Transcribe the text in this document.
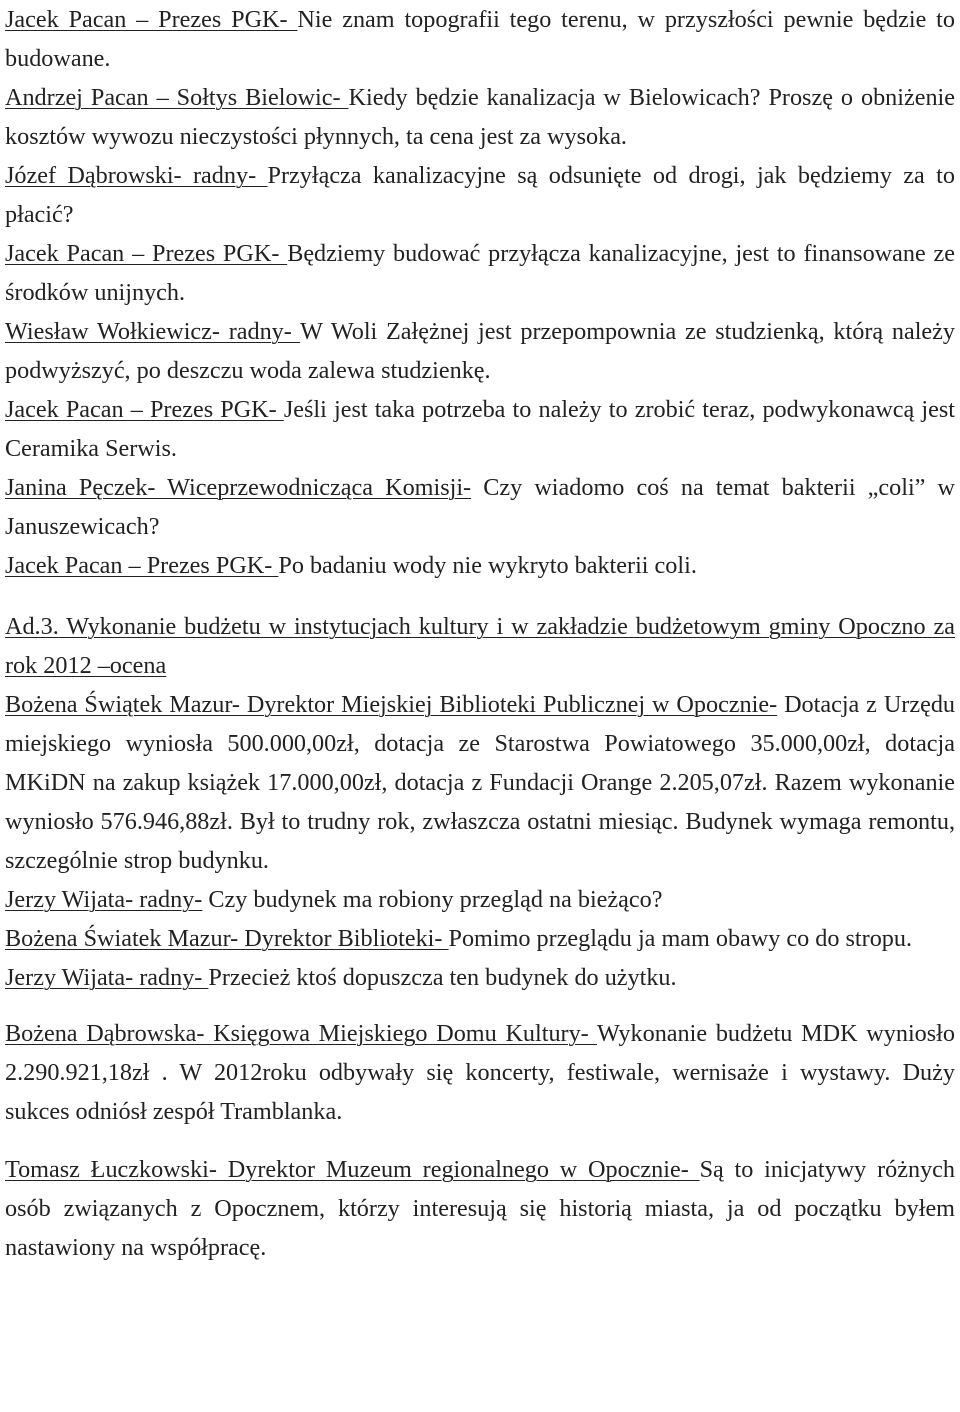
Jacek Pacan – Prezes PGK- Nie znam topografii tego terenu, w przyszłości pewnie będzie to budowane.

Andrzej Pacan – Sołtys Bielowic- Kiedy będzie kanalizacja w Bielowicach? Proszę o obniżenie kosztów wywozu nieczystości płynnych, ta cena jest za wysoka.

Józef Dąbrowski- radny- Przyłącza kanalizacyjne są odsunięte od drogi, jak będziemy za to płacić?

Jacek Pacan – Prezes PGK- Będziemy budować przyłącza kanalizacyjne, jest to finansowane ze środków unijnych.

Wiesław Wołkiewicz- radny- W Woli Załężnej jest przepompownia ze studzienką, którą należy podwyższyć, po deszczu woda zalewa studzienkę.

Jacek Pacan – Prezes PGK- Jeśli jest taka potrzeba to należy to zrobić teraz, podwykonawcą jest Ceramika Serwis.

Janina Pęczek- Wiceprzewodnicząca Komisji- Czy wiadomo coś na temat bakterii „coli” w Januszewicach?

Jacek Pacan – Prezes PGK- Po badaniu wody nie wykryto bakterii coli.

Ad.3. Wykonanie budżetu w instytucjach kultury i w zakładzie budżetowym gminy Opoczno za rok 2012 –ocena

Bożena Świątek Mazur- Dyrektor Miejskiej Biblioteki Publicznej w Opocznie- Dotacja z Urzędu miejskiego wyniosła 500.000,00zł, dotacja ze Starostwa Powiatowego 35.000,00zł, dotacja MKiDN na zakup książek 17.000,00zł, dotacja z Fundacji Orange 2.205,07zł. Razem wykonanie wyniosło 576.946,88zł. Był to trudny rok, zwłaszcza ostatni miesiąc. Budynek wymaga remontu, szczególnie strop budynku.

Jerzy Wijata- radny- Czy budynek ma robiony przegląd na bieżąco?

Bożena Światek Mazur- Dyrektor Biblioteki- Pomimo przeglądu ja mam obawy co do stropu.

Jerzy Wijata- radny- Przecież ktoś dopuszcza ten budynek do użytku.

Bożena Dąbrowska- Księgowa Miejskiego Domu Kultury- Wykonanie budżetu MDK wyniosło 2.290.921,18zł . W 2012roku odbywały się koncerty, festiwale, wernisaże i wystawy. Duży sukces odniósł zespół Tramblanka.

Tomasz Łuczkowski- Dyrektor Muzeum regionalnego w Opocznie- Są to inicjatywy różnych osób związanych z Opocznem, którzy interesują się historią miasta, ja od początku byłem nastawiony na współpracę.
